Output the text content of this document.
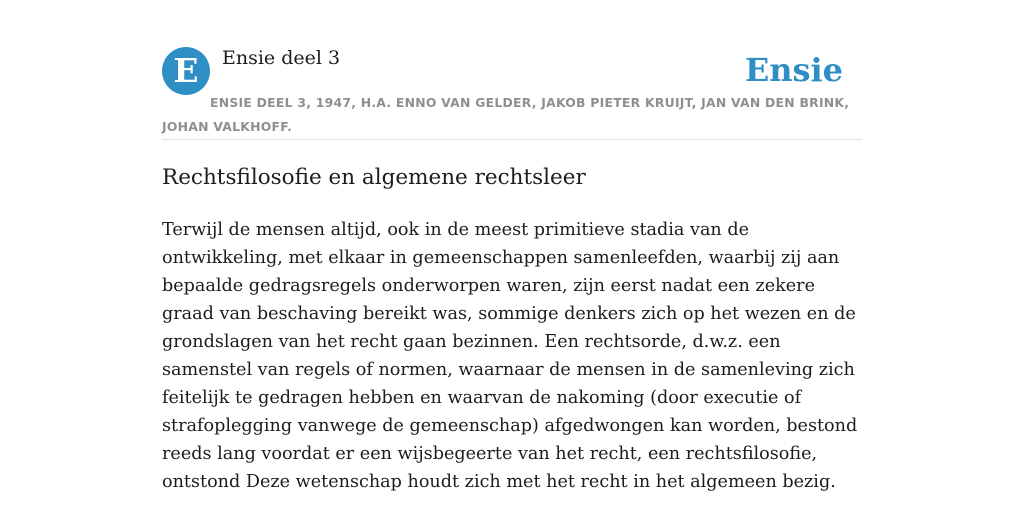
E	Ensie deel 3	Ensie
ENSIE DEEL 3, 1947, H.A. ENNO VAN GELDER, JAKOB PIETER KRUIJT, JAN VAN DEN BRINK, JOHAN VALKHOFF.
Rechtsfilosofie en algemene rechtsleer

Terwijl de mensen altijd, ook in de meest primitieve stadia van de ontwikkeling, met elkaar in gemeenschappen samenleefden, waarbij zij aan bepaalde gedragsregels onderworpen waren, zijn eerst nadat een zekere graad van beschaving bereikt was, sommige denkers zich op het wezen en de grondslagen van het recht gaan bezinnen. Een rechtsorde, d.w.z. een samenstel van regels of normen, waarnaar de mensen in de samenleving zich feitelijk te gedragen hebben en waarvan de nakoming (door executie of strafoplegging vanwege de gemeenschap) afgedwongen kan worden, bestond reeds lang voordat er een wijsbegeerte van het recht, een rechtsfilosofie, ontstond Deze wetenschap houdt zich met het recht in het algemeen bezig.
